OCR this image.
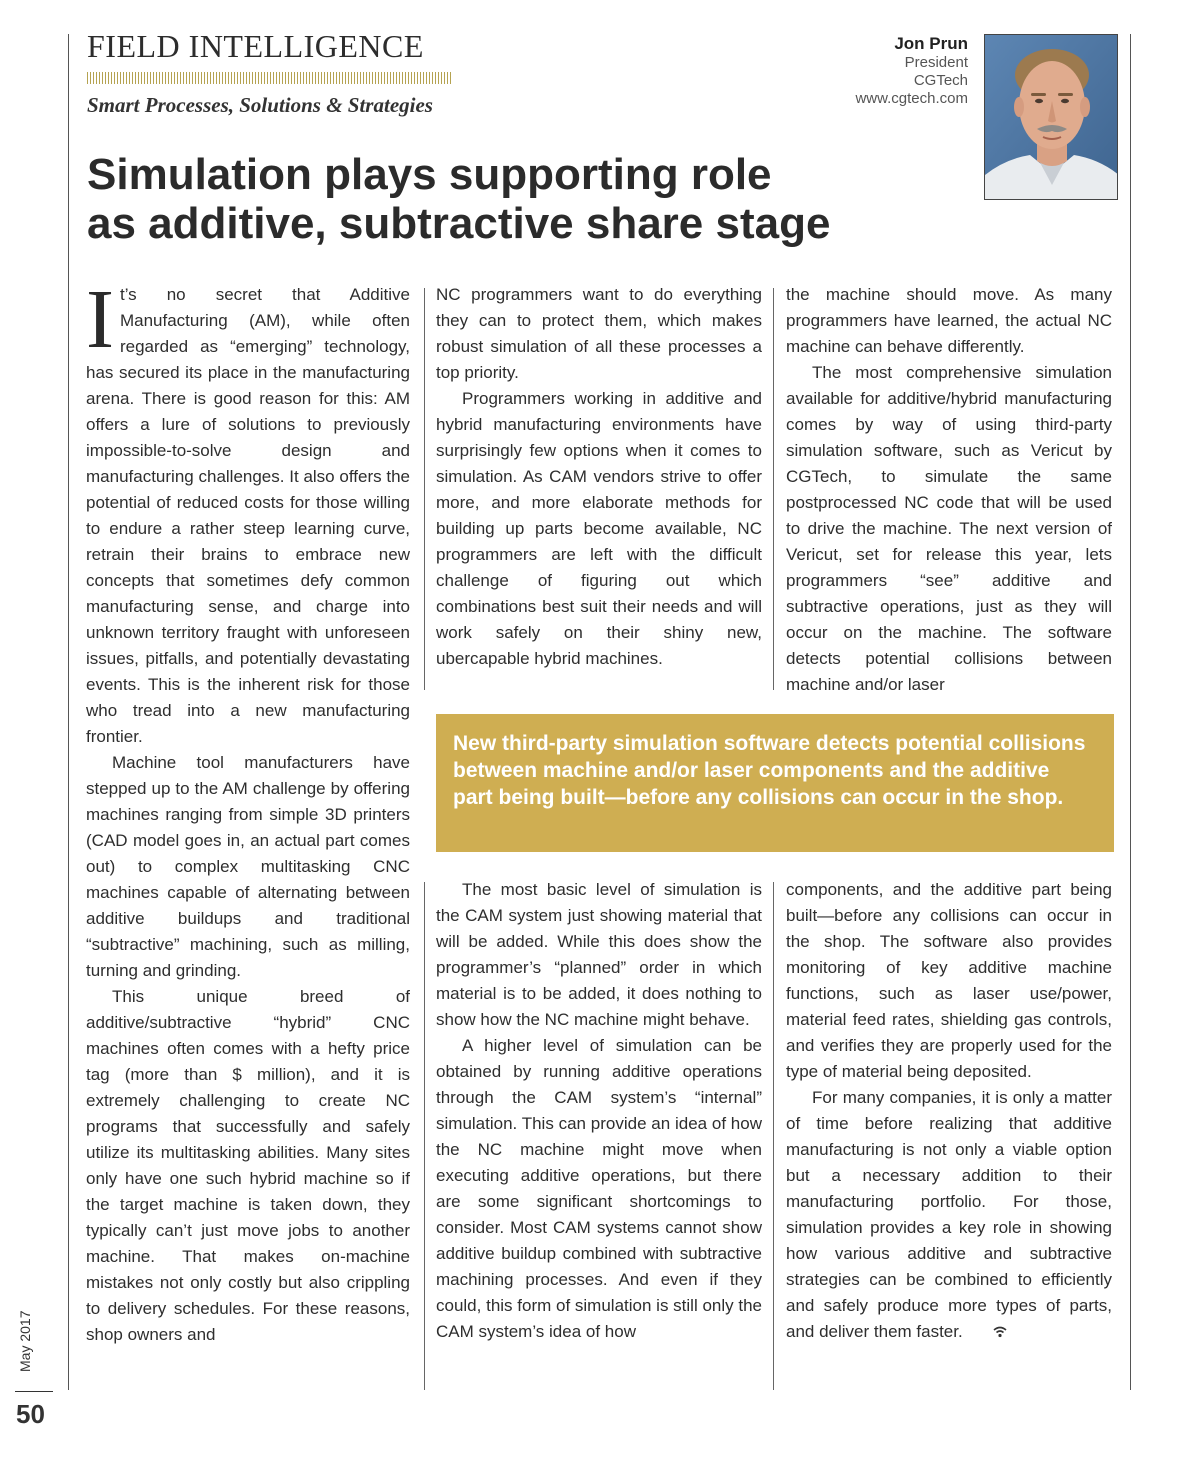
FIELD INTELLIGENCE
Smart Processes, Solutions & Strategies
Jon Prun
President
CGTech
www.cgtech.com
Simulation plays supporting role
as additive, subtractive share stage

It’s no secret that Additive Manufacturing (AM), while often regarded as “emerging” technology, has secured its place in the manufacturing arena. There is good reason for this: AM offers a lure of solutions to previously impossible-to-solve design and manufacturing challenges. It also offers the potential of reduced costs for those willing to endure a rather steep learning curve, retrain their brains to embrace new concepts that sometimes defy common manufacturing sense, and charge into unknown territory fraught with unforeseen issues, pitfalls, and potentially devastating events. This is the inherent risk for those who tread into a new manufacturing frontier.

Machine tool manufacturers have stepped up to the AM challenge by offering machines ranging from simple 3D printers (CAD model goes in, an actual part comes out) to complex multitasking CNC machines capable of alternating between additive buildups and traditional “subtractive” machining, such as milling, turning and grinding.

This unique breed of additive/subtractive “hybrid” CNC machines often comes with a hefty price tag (more than $ million), and it is extremely challenging to create NC programs that successfully and safely utilize its multitasking abilities. Many sites only have one such hybrid machine so if the target machine is taken down, they typically can’t just move jobs to another machine. That makes on-machine mistakes not only costly but also crippling to delivery schedules. For these reasons, shop owners and

NC programmers want to do everything they can to protect them, which makes robust simulation of all these processes a top priority.

Programmers working in additive and hybrid manufacturing environments have surprisingly few options when it comes to simulation. As CAM vendors strive to offer more, and more elaborate methods for building up parts become available, NC programmers are left with the difficult challenge of figuring out which combinations best suit their needs and will work safely on their shiny new, ubercapable hybrid machines.

the machine should move. As many programmers have learned, the actual NC machine can behave differently.

The most comprehensive simulation available for additive/hybrid manufacturing comes by way of using third-party simulation software, such as Vericut by CGTech, to simulate the same postprocessed NC code that will be used to drive the machine. The next version of Vericut, set for release this year, lets programmers “see” additive and subtractive operations, just as they will occur on the machine. The software detects potential collisions between machine and/or laser

New third-party simulation software detects potential collisions between machine and/or laser components and the additive part being built—before any collisions can occur in the shop.

The most basic level of simulation is the CAM system just showing material that will be added. While this does show the programmer’s “planned” order in which material is to be added, it does nothing to show how the NC machine might behave.

A higher level of simulation can be obtained by running additive operations through the CAM system’s “internal” simulation. This can provide an idea of how the NC machine might move when executing additive operations, but there are some significant shortcomings to consider. Most CAM systems cannot show additive buildup combined with subtractive machining processes. And even if they could, this form of simulation is still only the CAM system’s idea of how

components, and the additive part being built—before any collisions can occur in the shop. The software also provides monitoring of key additive machine functions, such as laser use/power, material feed rates, shielding gas controls, and verifies they are properly used for the type of material being deposited.

For many companies, it is only a matter of time before realizing that additive manufacturing is not only a viable option but a necessary addition to their manufacturing portfolio. For those, simulation provides a key role in showing how various additive and subtractive strategies can be combined to efficiently and safely produce more types of parts, and deliver them faster.

May 2017
50
